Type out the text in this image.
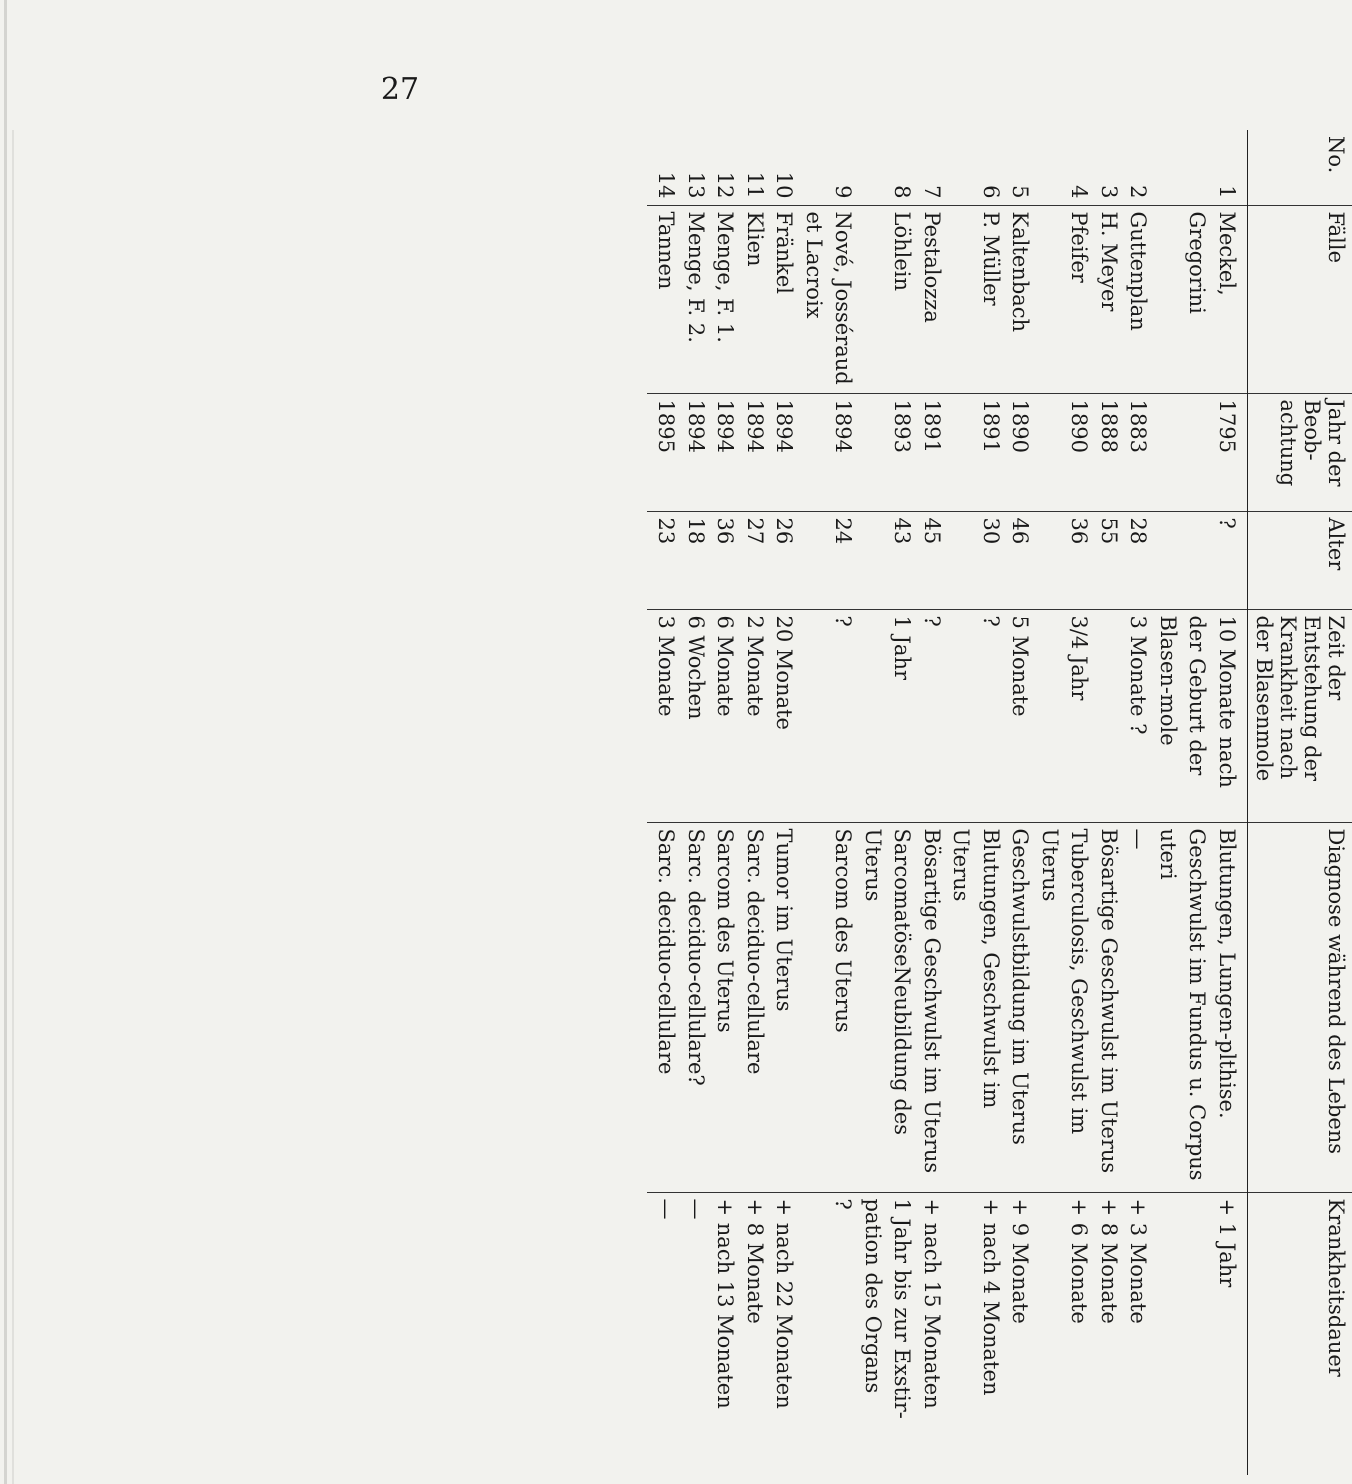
27
No.	Fälle	Jahr der Beob-achtung	Alter	Zeit der Entstehung der Krankheit nach der Blasenmole	Diagnose während des Lebens	Krankheitsdauer
1	Meckel, Gregorini	1795	?	10 Monate nach der Geburt der Blasen-mole	Blutungen, Lungen-plthise. Geschwulst im Fundus u. Corpus uteri	+ 1 Jahr
2	Guttenplan	1883	28	3 Monate ?	—	+ 3 Monate
3	H. Meyer	1888	55		Bösartige Geschwulst im Uterus	+ 8 Monate
4	Pfeifer	1890	36	3/4 Jahr	Tuberculosis, Geschwulst im Uterus	+ 6 Monate
5	Kaltenbach	1890	46	5 Monate	Geschwulstbildung im Uterus	+ 9 Monate
6	P. Müller	1891	30	?	Blutungen, Geschwulst im Uterus	+ nach 4 Monaten
7	Pestalozza	1891	45	?	Bösartige Geschwulst im Uterus	+ nach 15 Monaten
8	Löhlein	1893	43	1 Jahr	SarcomatöseNeubildung des Uterus	1 Jahr bis zur Exstir-pation des Organs
9	Nové, Josséraud et Lacroix	1894	24	?	Sarcom des Uterus	?
10	Fränkel	1894	26	20 Monate	Tumor im Uterus	+ nach 22 Monaten
11	Klien	1894	27	2 Monate	Sarc. deciduo-cellulare	+ 8 Monate
12	Menge, F. 1.	1894	36	6 Monate	Sarcom des Uterus	+ nach 13 Monaten
13	Menge, F. 2.	1894	18	6 Wochen	Sarc. deciduo-cellulare?	—
14	Tannen	1895	23	3 Monate	Sarc. deciduo-cellulare	—
